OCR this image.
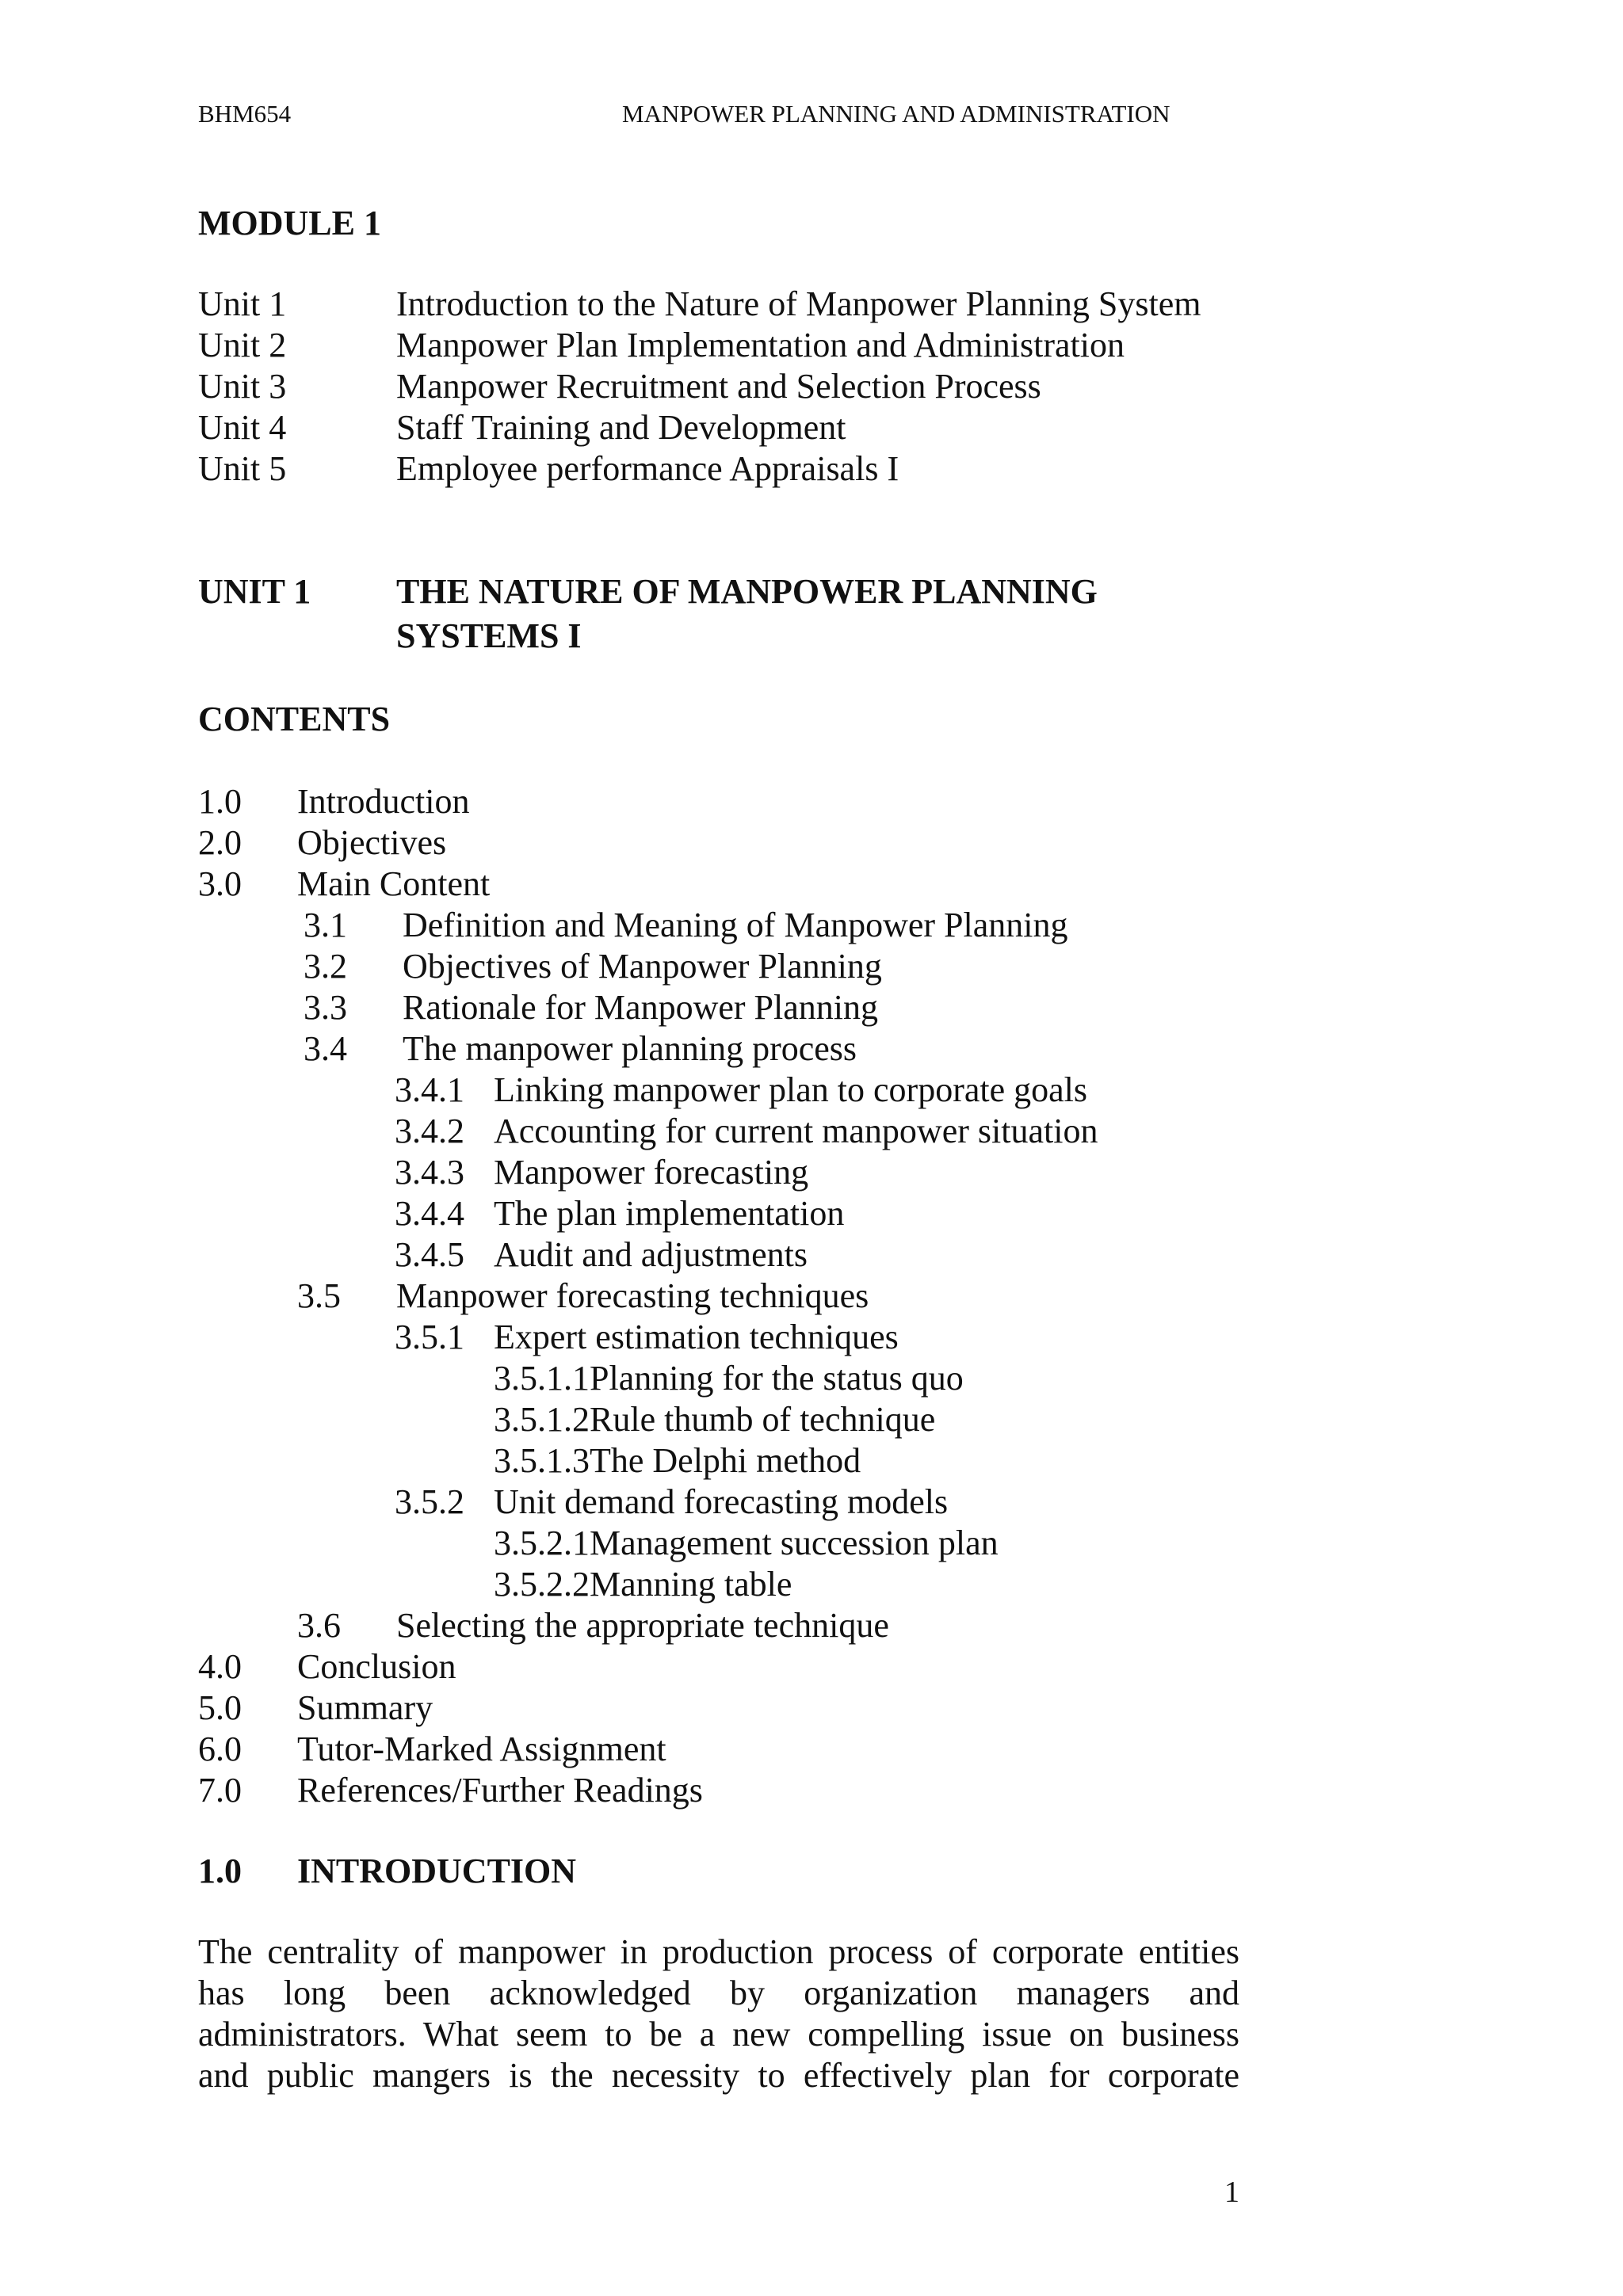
BHM654	MANPOWER PLANNING AND ADMINISTRATION
MODULE 1
Unit 1	Introduction to the Nature of Manpower Planning System
Unit 2	Manpower Plan Implementation and Administration
Unit 3	Manpower Recruitment and Selection Process
Unit 4	Staff Training and Development
Unit 5	Employee performance Appraisals I
UNIT 1 THE NATURE OF MANPOWER PLANNING
SYSTEMS I
CONTENTS
1.0 Introduction
2.0 Objectives
3.0 Main Content
3.1 Definition and Meaning of Manpower Planning
3.2 Objectives of Manpower Planning
3.3 Rationale for Manpower Planning
3.4 The manpower planning process
3.4.1 Linking manpower plan to corporate goals
3.4.2 Accounting for current manpower situation
3.4.3 Manpower forecasting
3.4.4 The plan implementation
3.4.5 Audit and adjustments
3.5 Manpower forecasting techniques
3.5.1 Expert estimation techniques
3.5.1.1Planning for the status quo
3.5.1.2Rule thumb of technique
3.5.1.3The Delphi method
3.5.2 Unit demand forecasting models
3.5.2.1Management succession plan
3.5.2.2Manning table
3.6 Selecting the appropriate technique
4.0 Conclusion
5.0 Summary
6.0 Tutor-Marked Assignment
7.0 References/Further Readings
1.0 INTRODUCTION
The centrality of manpower in production process of corporate entities
has long been acknowledged by organization managers and
administrators. What seem to be a new compelling issue on business
and public mangers is the necessity to effectively plan for corporate
1
